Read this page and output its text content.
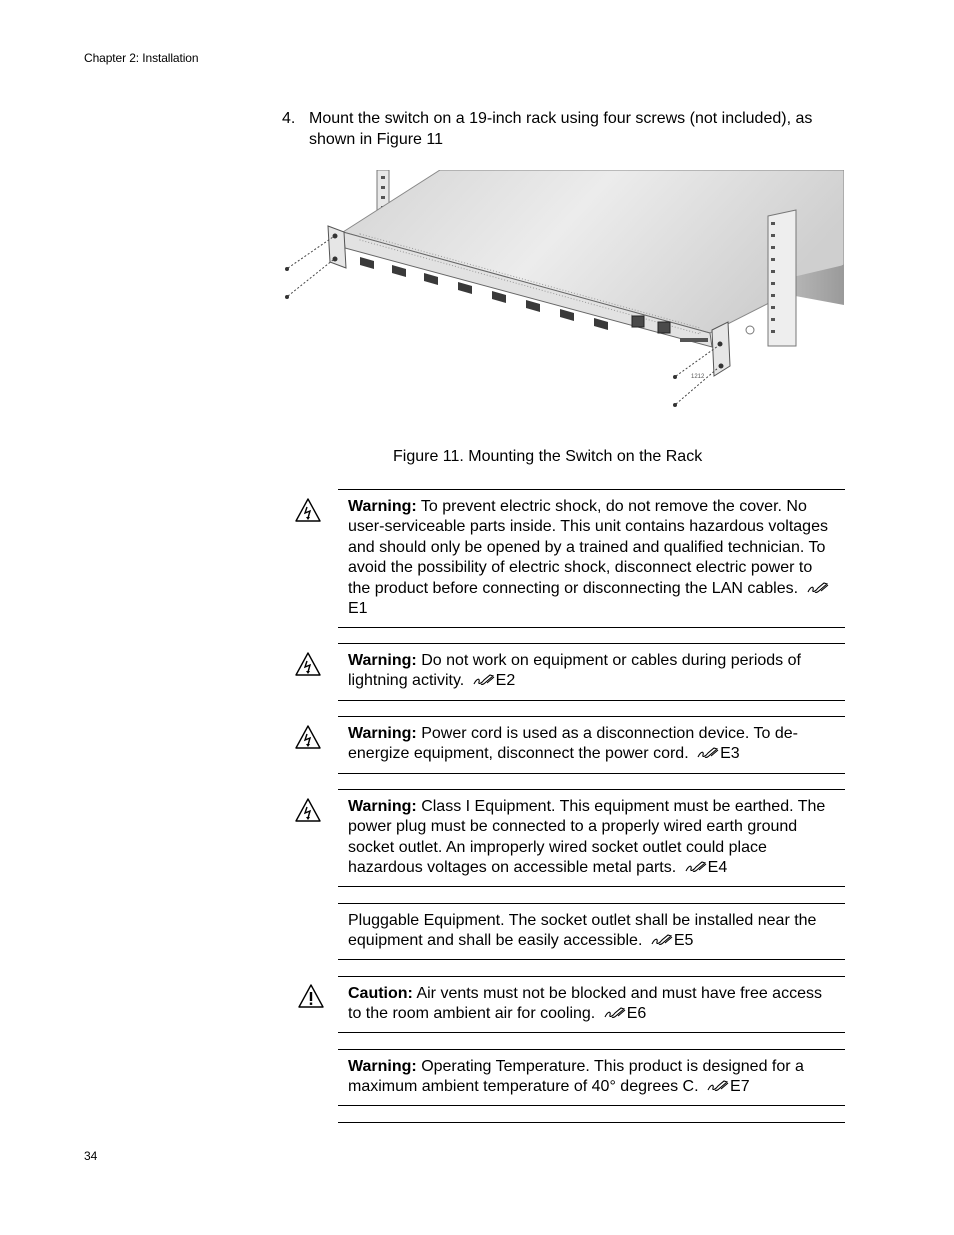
Chapter 2: Installation
4. Mount the switch on a 19-inch rack using four screws (not included), as shown in Figure 11
1212
Figure 11. Mounting the Switch on the Rack
Warning: To prevent electric shock, do not remove the cover. No user-serviceable parts inside. This unit contains hazardous voltages and should only be opened by a trained and qualified technician. To avoid the possibility of electric shock, disconnect electric power to the product before connecting or disconnecting the LAN cables. E1
Warning: Do not work on equipment or cables during periods of lightning activity. E2
Warning: Power cord is used as a disconnection device. To de-energize equipment, disconnect the power cord. E3
Warning: Class I Equipment. This equipment must be earthed. The power plug must be connected to a properly wired earth ground socket outlet. An improperly wired socket outlet could place hazardous voltages on accessible metal parts. E4
Pluggable Equipment. The socket outlet shall be installed near the equipment and shall be easily accessible. E5
Caution: Air vents must not be blocked and must have free access to the room ambient air for cooling. E6
Warning: Operating Temperature. This product is designed for a maximum ambient temperature of 40° degrees C. E7
34
